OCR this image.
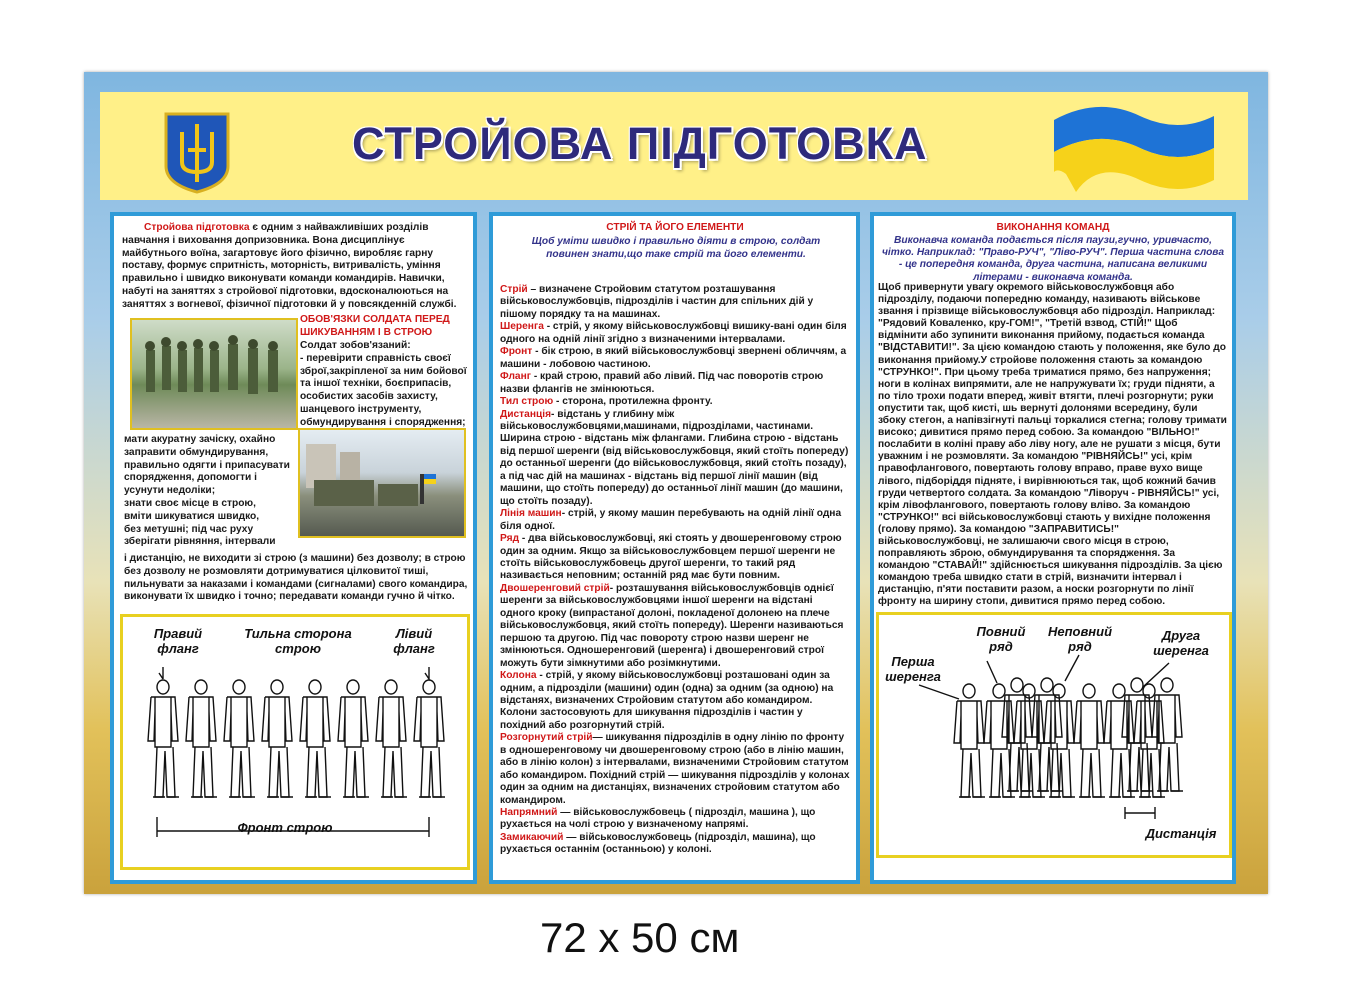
СТРОЙОВА ПІДГОТОВКА
Стройова підготовка є одним з найважливіших розділів навчання і виховання допризовника. Вона дисциплінує майбутнього воїна, загартовує його фізично, виробляє гарну поставу, формує спритність, моторність, витривалість, уміння правильно і швидко виконувати команди командирів. Навички, набуті на заняттях з стройової підготовки, вдосконалюються на заняттях з вогневої, фізичної підготовки й у повсякденній службі.
ОБОВ'ЯЗКИ СОЛДАТА ПЕРЕД ШИКУВАННЯМ І В СТРОЮ

Солдат зобов'язаний:

- перевірити справність своєї

зброї,закріпленої за ним бойової

та іншої техніки, боєприпасів,

особистих засобів захисту,

шанцевого інструменту,

обмундирування і спорядження;

мати акуратну зачіску, охайно

заправити обмундирування,

правильно одягти і припасувати

спорядження, допомогти і

усунути недоліки;

знати своє місце в строю,

вміти шикуватися швидко,

без метушні; під час руху

зберігати рівняння, інтервали

і дистанцію, не виходити зі строю (з машини) без дозволу; в строю без дозволу не розмовляти дотримуватися цілковитої тиші, пильнувати за наказами і командами (сигналами) свого командира, виконувати їх швидко і точно; передавати команди гучно й чітко.
Правий фланг
Тильна сторона строю
Лівий фланг
Фронт строю
СТРІЙ ТА ЙОГО ЕЛЕМЕНТИ
Щоб уміти швидко і правильно діяти в строю, солдат повинен знати,що таке стрій та його елементи.

Стрій – визначене Стройовим статутом розташування військовослужбовців, підрозділів і частин для спільних дій у пішому порядку та на машинах.

Шеренга - стрій, у якому військовослужбовці вишику-вані один біля одного на одній лінії згідно з визначеними інтервалами.

Фронт - бік строю, в який військовослужбовці звернені обличчям, а машини - лобовою частиною.

Фланг - край строю, правий або лівий. Під час поворотів строю назви флангів не змінюються.

Тил строю - сторона, протилежна фронту.

Дистанція- відстань у глибину між військовослужбовцями,машинами, підрозділами, частинами. Ширина строю - відстань між флангами. Глибина строю - відстань від першої шеренги (від військовослужбовця, який стоїть попереду) до останньої шеренги (до військовослужбовця, який стоїть позаду), а під час дій на машинах - відстань від першої лінії машин (від машини, що стоїть попереду) до останньої лінії машин (до машини, що стоїть позаду).

Лінія машин- стрій, у якому машин перебувають на одній лінії одна біля одної.

Ряд - два військовослужбовці, які стоять у двошеренговому строю один за одним. Якщо за військовослужбовцем першої шеренги не стоїть військовослужбовець другої шеренги, то такий ряд називається неповним; останній ряд має бути повним.

Двошеренговий стрій- розташування військовослужбовців однієї шеренги за військовослужбовцями іншої шеренги на відстані одного кроку (випрастаної долоні, покладеної долонею на плече військовослужбовця, який стоїть попереду). Шеренги називаються першою та другою. Під час повороту строю назви шеренг не змінюються. Одношеренговий (шеренга) і двошеренговий строї можуть бути зімкнутими або розімкнутими.

Колона - стрій, у якому військовослужбовці розташовані один за одним, а підрозділи (машини) один (одна) за одним (за одною) на відстанях, визначених Стройовим статутом або командиром. Колони застосовують для шикування підрозділів і частин у похідний або розгорнутий стрій.

Розгорнутий стрій— шикування підрозділів в одну лінію по фронту в одношеренговому чи двошеренговому строю (або в лінію машин, або в лінію колон) з інтервалами, визначеними Стройовим статутом або командиром. Похідний стрій — шикування підрозділів у колонах один за одним на дистанціях, визначених стройовим статутом або командиром.

Напрямний — військовослужбовець ( підрозділ, машина ), що рухається на чолі строю у визначеному напрямі.

Замикаючий — військовослужбовець (підрозділ, машина), що рухається останнім (останньою) у колоні.

ВИКОНАННЯ КОМАНД
Виконавча команда подається після паузи,гучно, уривчасто, чітко. Наприклад: "Право-РУЧ", "Ліво-РУЧ". Перша частина слова - це попередня команда, друга частина, написана великими літерами - виконавча команда.
Щоб привернути увагу окремого військовослужбовця або підрозділу, подаючи попередню команду, називають військове звання і прізвище військовослужбовця або підрозділ. Наприклад: "Рядовий Коваленко, кру-ГОМ!", "Третій взвод, СТІЙ!" Щоб відмінити або зупинити виконання прийому, подається команда "ВІДСТАВИТИ!". За цією командою стають у положення, яке було до виконання прийому.У стройове положення стають за командою "СТРУНКО!". При цьому треба триматися прямо, без напруження; ноги в колінах випрямити, але не напружувати їх; груди підняти, а по тіло трохи подати вперед, живіт втягти, плечі розгорнути; руки опустити так, щоб кисті, шь вернуті долонями всередину, були збоку стегон, а напівзігнуті пальці торкалися стегна; голову тримати високо; дивитися прямо перед собою. За командою "ВІЛЬНО!" послабити в коліні праву або ліву ногу, але не рушати з місця, бути уважним і не розмовляти. За командою "РІВНЯЙСЬ!" усі, крім правофлангового, повертають голову вправо, праве вухо вище лівого, підборіддя підняте, і вирівнюються так, щоб кожний бачив груди четвертого солдата. За командою "Ліворуч - РІВНЯЙСЬ!" усі, крім лівофлангового, повертають голову вліво. За командою "СТРУНКО!" всі військовослужбовці стають у вихідне положення (голову прямо). За командою "ЗАПРАВИТИСЬ!" військовослужбовці, не залишаючи свого місця в строю, поправляють зброю, обмундирування та спорядження. За командою "СТАВАЙ!" здійснюється шикування підрозділів. За цією командою треба швидко стати в стрій, визначити інтервал і дистанцію, п'яти поставити разом, а носки розгорнути по лінії фронту на ширину стопи, дивитися прямо перед собою.
Повний ряд
Неповний ряд
Друга шеренга
Перша шеренга
Дистанція
72 х 50 см
